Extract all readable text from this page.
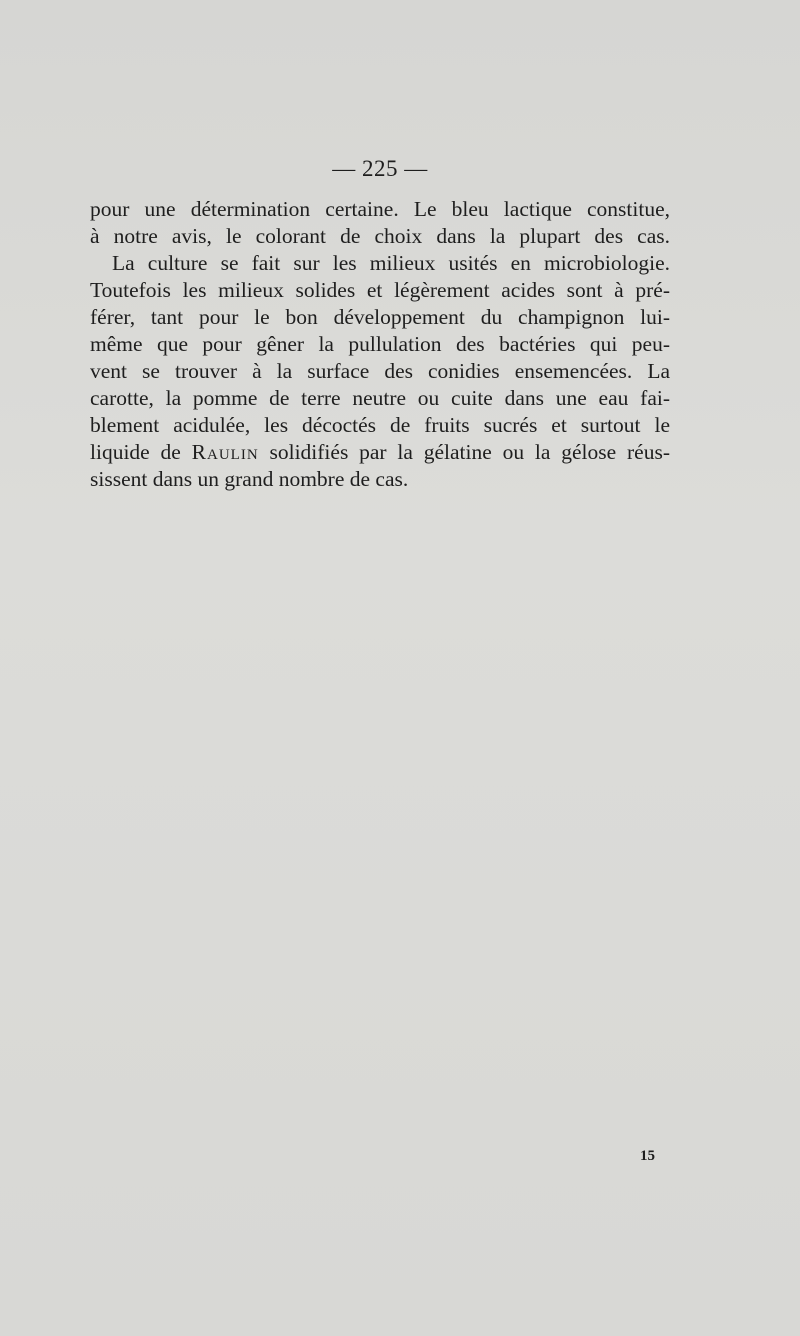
— 225 —
pour une détermination certaine. Le bleu lactique constitue,
à notre avis, le colorant de choix dans la plupart des cas.
La culture se fait sur les milieux usités en microbiologie.
Toutefois les milieux solides et légèrement acides sont à pré-
férer, tant pour le bon développement du champignon lui-
même que pour gêner la pullulation des bactéries qui peu-
vent se trouver à la surface des conidies ensemencées. La
carotte, la pomme de terre neutre ou cuite dans une eau fai-
blement acidulée, les décoctés de fruits sucrés et surtout le
liquide de Raulin solidifiés par la gélatine ou la gélose réus-
sissent dans un grand nombre de cas.
15
